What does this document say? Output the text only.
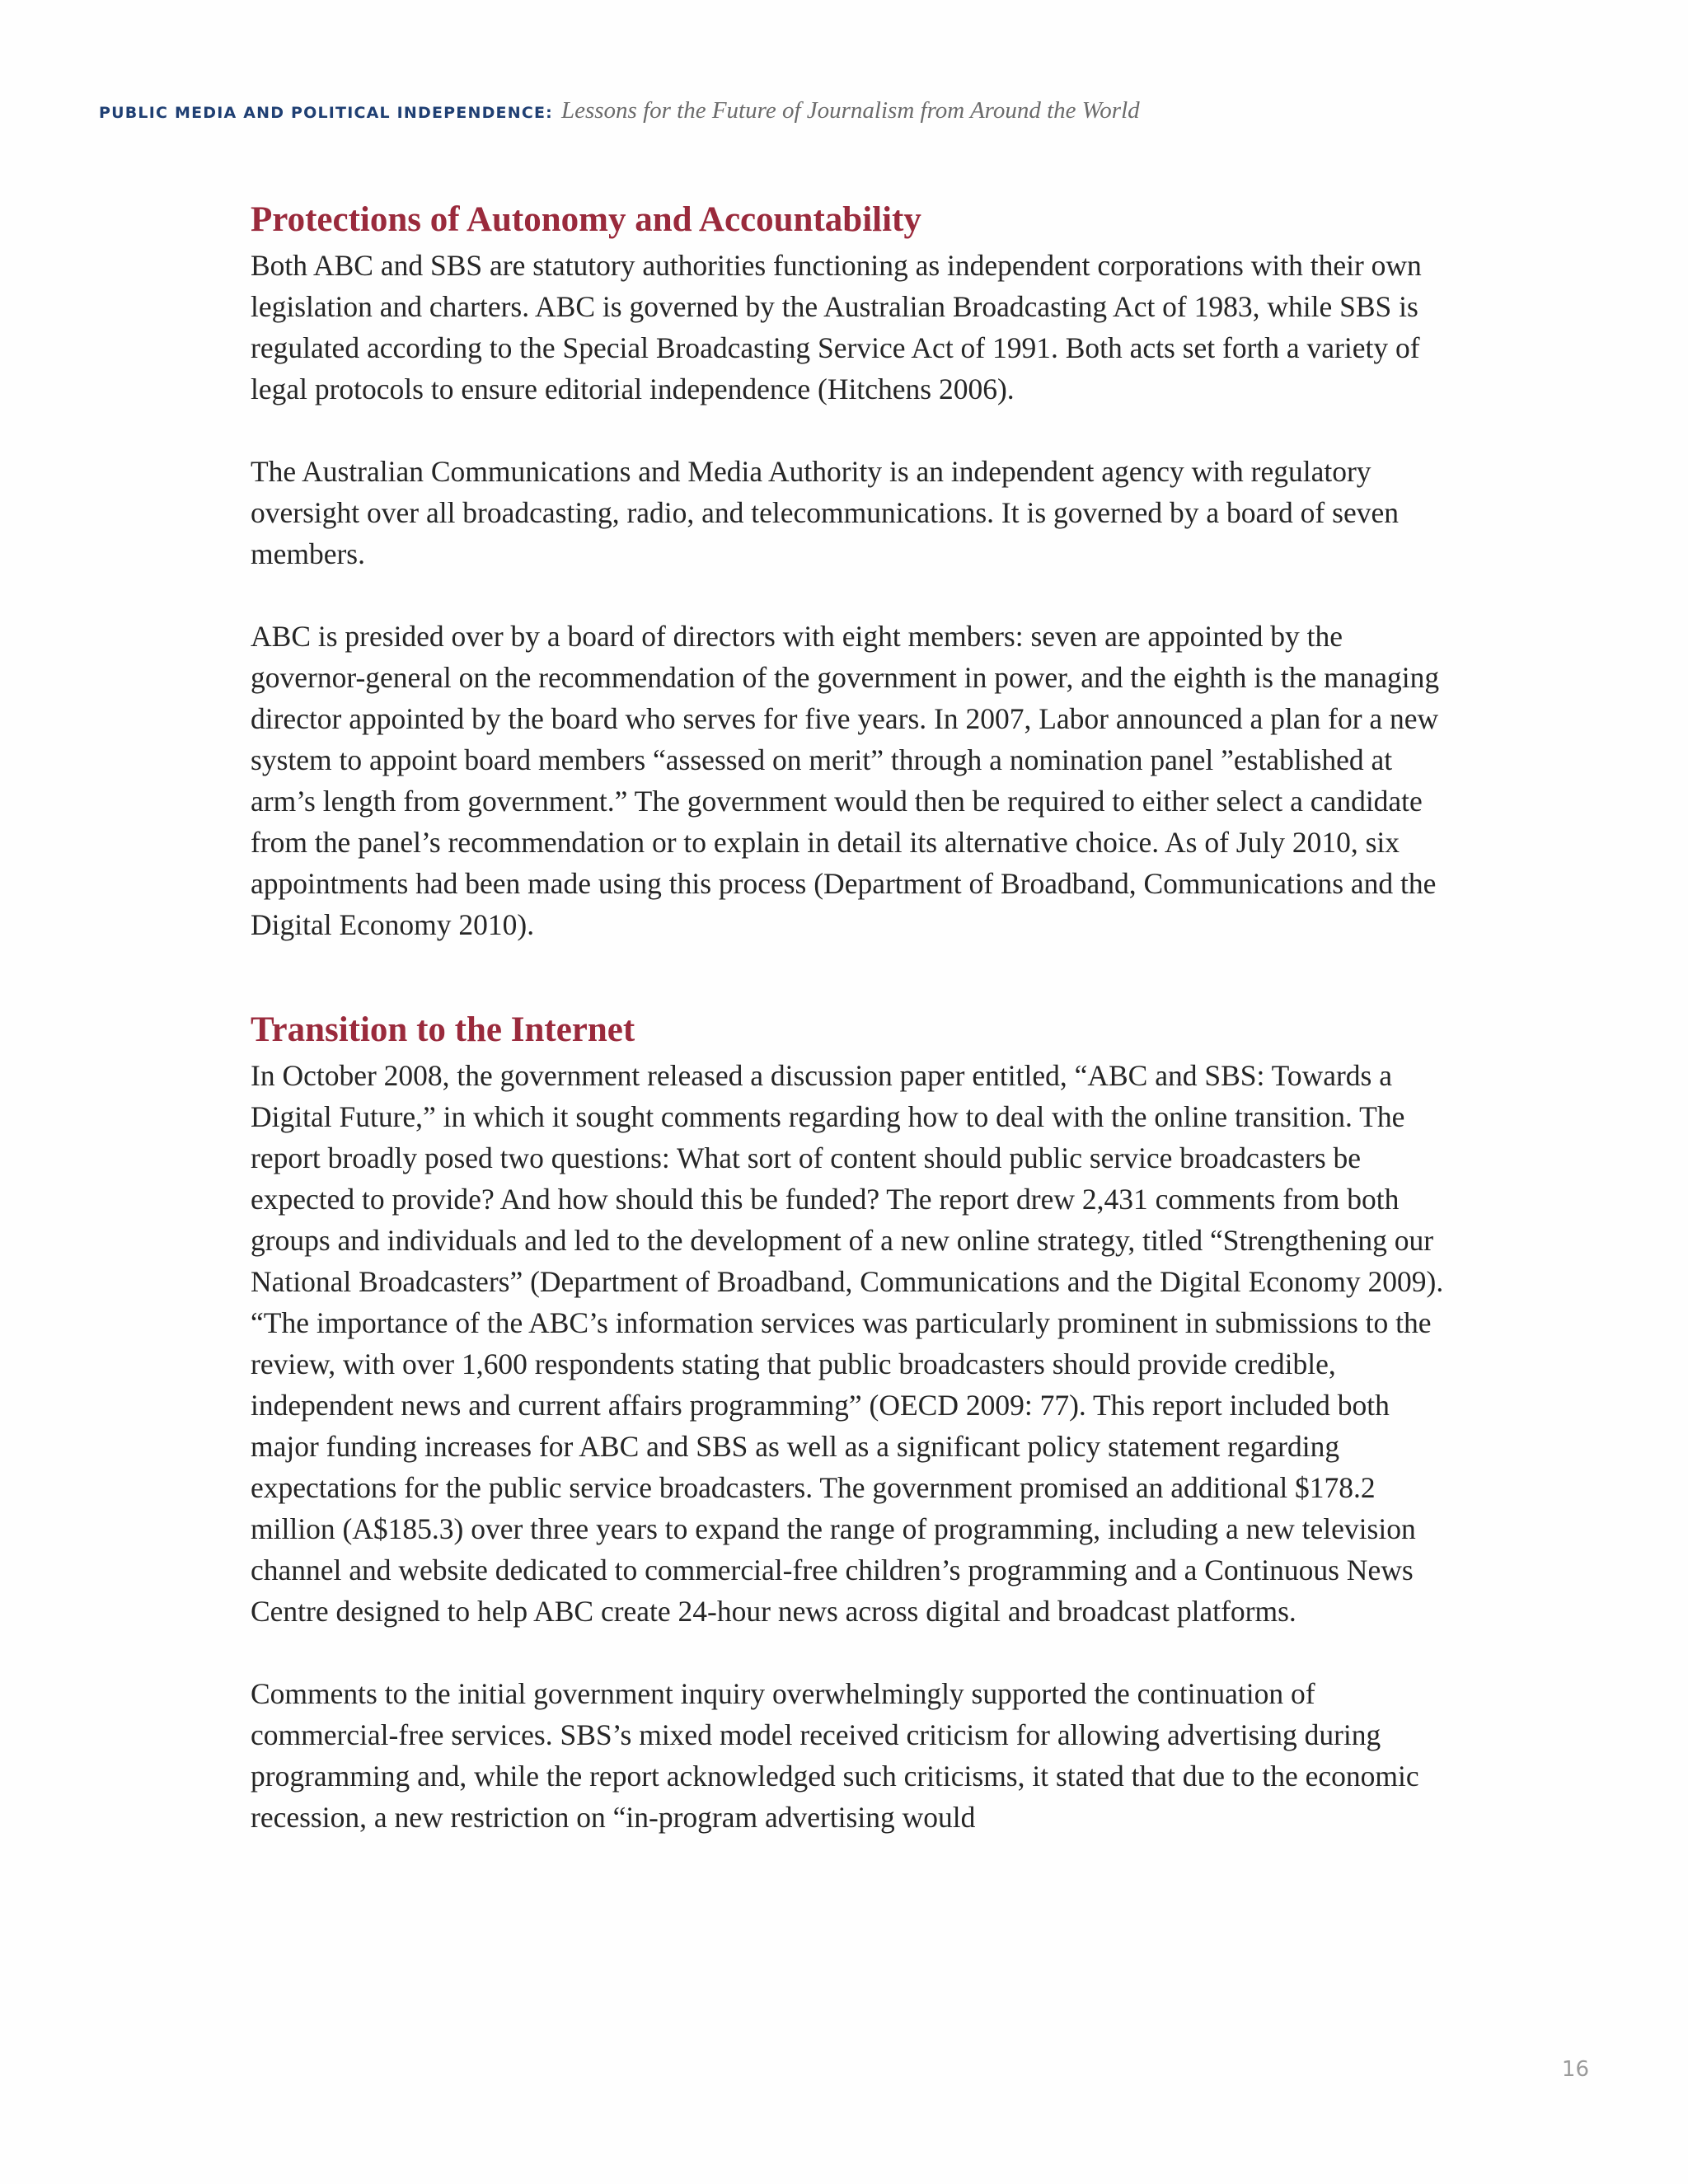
PUBLIC MEDIA AND POLITICAL INDEPENDENCE: Lessons for the Future of Journalism from Around the World
Protections of Autonomy and Accountability

Both ABC and SBS are statutory authorities functioning as independent corporations with their own legislation and charters. ABC is governed by the Australian Broadcasting Act of 1983, while SBS is regulated according to the Special Broadcasting Service Act of 1991. Both acts set forth a variety of legal protocols to ensure editorial independence (Hitchens 2006).

The Australian Communications and Media Authority is an independent agency with regulatory oversight over all broadcasting, radio, and telecommunications. It is governed by a board of seven members.

ABC is presided over by a board of directors with eight members: seven are appointed by the governor-general on the recommendation of the government in power, and the eighth is the managing director appointed by the board who serves for five years. In 2007, Labor announced a plan for a new system to appoint board members “assessed on merit” through a nomination panel ”established at arm’s length from government.” The government would then be required to either select a candidate from the panel’s recommendation or to explain in detail its alternative choice. As of July 2010, six appointments had been made using this process (Department of Broadband, Communications and the Digital Economy 2010).

Transition to the Internet

In October 2008, the government released a discussion paper entitled, “ABC and SBS: Towards a Digital Future,” in which it sought comments regarding how to deal with the online transition. The report broadly posed two questions: What sort of content should public service broadcasters be expected to provide? And how should this be funded? The report drew 2,431 comments from both groups and individuals and led to the development of a new online strategy, titled “Strengthening our National Broadcasters” (Department of Broadband, Communications and the Digital Economy 2009). “The importance of the ABC’s information services was particularly prominent in submissions to the review, with over 1,600 respondents stating that public broadcasters should provide credible, independent news and current affairs programming” (OECD 2009: 77). This report included both major funding increases for ABC and SBS as well as a significant policy statement regarding expectations for the public service broadcasters. The government promised an additional $178.2 million (A$185.3) over three years to expand the range of programming, including a new television channel and website dedicated to commercial-free children’s programming and a Continuous News Centre designed to help ABC create 24-hour news across digital and broadcast platforms.

Comments to the initial government inquiry overwhelmingly supported the continuation of commercial-free services. SBS’s mixed model received criticism for allowing advertising during programming and, while the report acknowledged such criticisms, it stated that due to the economic recession, a new restriction on “in-program advertising would

16
